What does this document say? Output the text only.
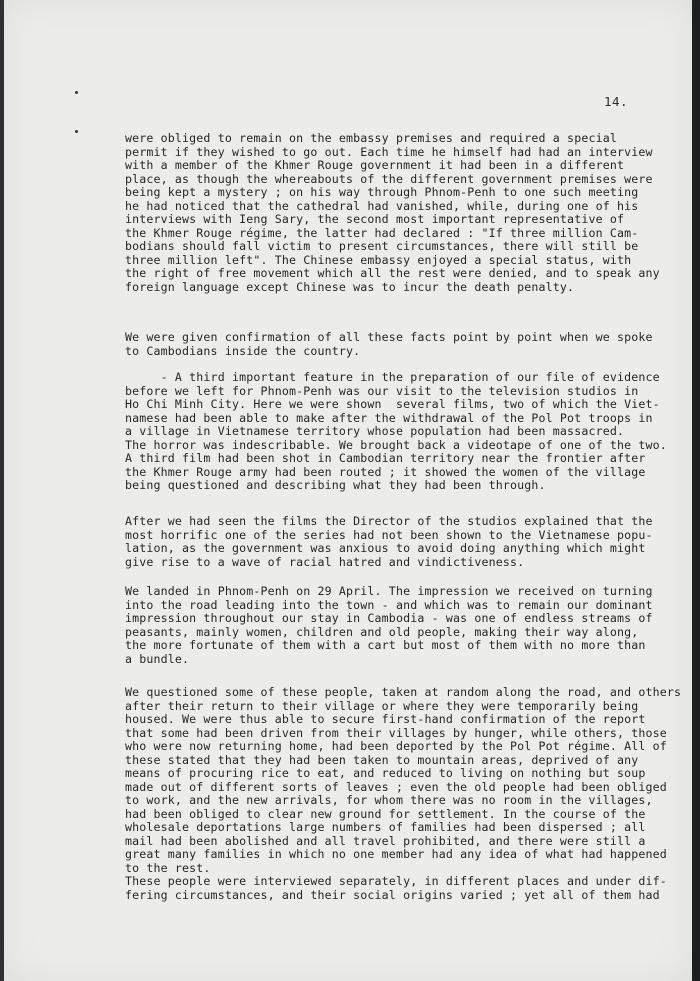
14.
were obliged to remain on the embassy premises and required a special
permit if they wished to go out. Each time he himself had had an interview
with a member of the Khmer Rouge government it had been in a different
place, as though the whereabouts of the different government premises were
being kept a mystery ; on his way through Phnom-Penh to one such meeting
he had noticed that the cathedral had vanished, while, during one of his
interviews with Ieng Sary, the second most important representative of
the Khmer Rouge régime, the latter had declared : "If three million Cam-
bodians should fall victim to present circumstances, there will still be
three million left". The Chinese embassy enjoyed a special status, with
the right of free movement which all the rest were denied, and to speak any
foreign language except Chinese was to incur the death penalty.
We were given confirmation of all these facts point by point when we spoke
to Cambodians inside the country.
- A third important feature in the preparation of our file of evidence
before we left for Phnom-Penh was our visit to the television studios in
Ho Chi Minh City. Here we were shown  several films, two of which the Viet-
namese had been able to make after the withdrawal of the Pol Pot troops in
a village in Vietnamese territory whose population had been massacred.
The horror was indescribable. We brought back a videotape of one of the two.
A third film had been shot in Cambodian territory near the frontier after
the Khmer Rouge army had been routed ; it showed the women of the village
being questioned and describing what they had been through.
After we had seen the films the Director of the studios explained that the
most horrific one of the series had not been shown to the Vietnamese popu-
lation, as the government was anxious to avoid doing anything which might
give rise to a wave of racial hatred and vindictiveness.
We landed in Phnom-Penh on 29 April. The impression we received on turning
into the road leading into the town - and which was to remain our dominant
impression throughout our stay in Cambodia - was one of endless streams of
peasants, mainly women, children and old people, making their way along,
the more fortunate of them with a cart but most of them with no more than
a bundle.
We questioned some of these people, taken at random along the road, and others
after their return to their village or where they were temporarily being
housed. We were thus able to secure first-hand confirmation of the report
that some had been driven from their villages by hunger, while others, those
who were now returning home, had been deported by the Pol Pot régime. All of
these stated that they had been taken to mountain areas, deprived of any
means of procuring rice to eat, and reduced to living on nothing but soup
made out of different sorts of leaves ; even the old people had been obliged
to work, and the new arrivals, for whom there was no room in the villages,
had been obliged to clear new ground for settlement. In the course of the
wholesale deportations large numbers of families had been dispersed ; all
mail had been abolished and all travel prohibited, and there were still a
great many families in which no one member had any idea of what had happened
to the rest.
These people were interviewed separately, in different places and under dif-
fering circumstances, and their social origins varied ; yet all of them had
